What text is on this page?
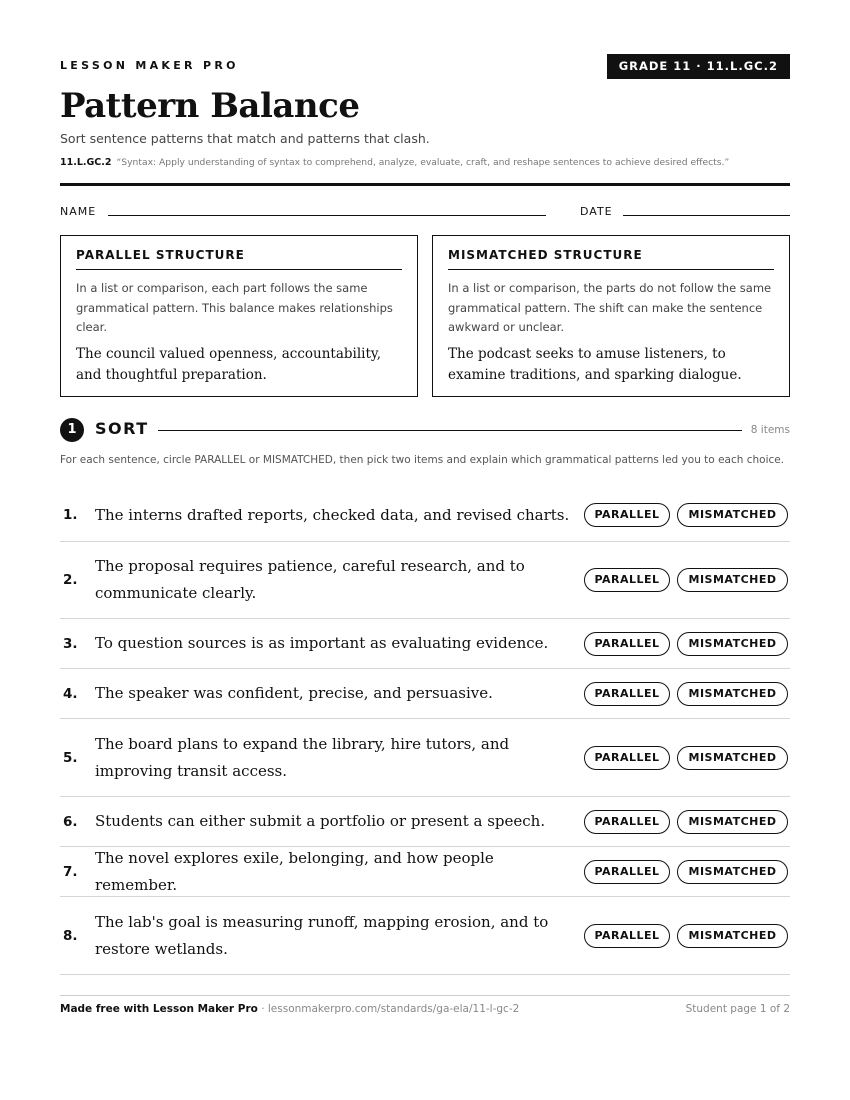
LESSON MAKER PRO	GRADE 11 · 11.L.GC.2
Pattern Balance
Sort sentence patterns that match and patterns that clash.
11.L.GC.2 “Syntax: Apply understanding of syntax to comprehend, analyze, evaluate, craft, and reshape sentences to achieve desired effects.”
NAME	DATE
PARALLEL STRUCTURE
In a list or comparison, each part follows the same grammatical pattern. This balance makes relationships clear.
The council valued openness, accountability, and thoughtful preparation.
MISMATCHED STRUCTURE
In a list or comparison, the parts do not follow the same grammatical pattern. The shift can make the sentence awkward or unclear.
The podcast seeks to amuse listeners, to examine traditions, and sparking dialogue.
1	SORT	8 items
For each sentence, circle PARALLEL or MISMATCHED, then pick two items and explain which grammatical patterns led you to each choice.
1.	The interns drafted reports, checked data, and revised charts.	PARALLEL	MISMATCHED
2.
The proposal requires patience, careful research, and to communicate clearly.
PARALLEL	MISMATCHED
3.	To question sources is as important as evaluating evidence.	PARALLEL	MISMATCHED
4.	The speaker was confident, precise, and persuasive.	PARALLEL	MISMATCHED
5.
The board plans to expand the library, hire tutors, and improving transit access.
PARALLEL	MISMATCHED
6.	Students can either submit a portfolio or present a speech.	PARALLEL	MISMATCHED
7.
The novel explores exile, belonging, and how people remember.
PARALLEL	MISMATCHED
8.
The lab's goal is measuring runoff, mapping erosion, and to restore wetlands.
PARALLEL	MISMATCHED
Made free with Lesson Maker Pro · lessonmakerpro.com/standards/ga-ela/11-l-gc-2	Student page 1 of 2
